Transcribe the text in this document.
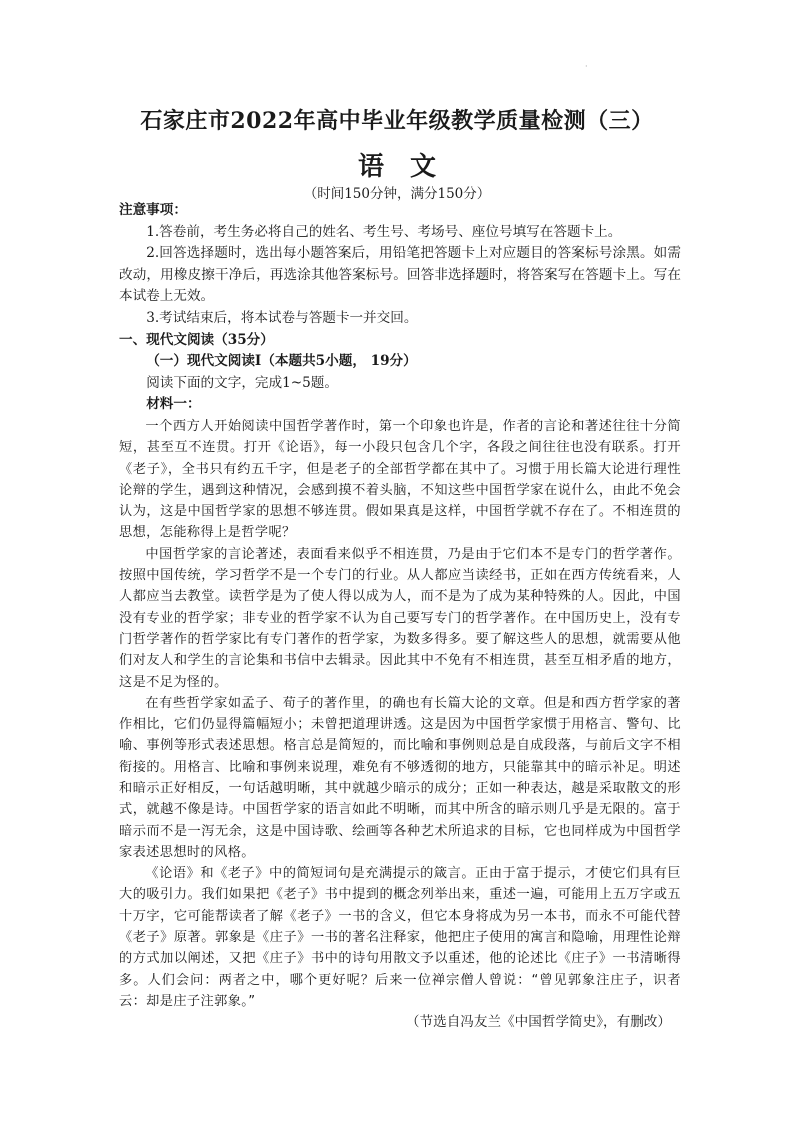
·
石家庄市2022年高中毕业年级教学质量检测（三）
语文
（时间150分钟，满分150分）

注意事项：

1.答卷前，考生务必将自己的姓名、考生号、考场号、座位号填写在答题卡上。

2.回答选择题时，选出每小题答案后，用铅笔把答题卡上对应题目的答案标号涂黑。如需改动，用橡皮擦干净后，再选涂其他答案标号。回答非选择题时，将答案写在答题卡上。写在本试卷上无效。

3.考试结束后，将本试卷与答题卡一并交回。

一、现代文阅读（35分）

（一）现代文阅读Ⅰ（本题共5小题， 19分）

阅读下面的文字，完成1~5题。

材料一：

一个西方人开始阅读中国哲学著作时，第一个印象也许是，作者的言论和著述往往十分简短，甚至互不连贯。打开《论语》，每一小段只包含几个字，各段之间往往也没有联系。打开《老子》，全书只有约五千字，但是老子的全部哲学都在其中了。习惯于用长篇大论进行理性论辩的学生，遇到这种情况，会感到摸不着头脑，不知这些中国哲学家在说什么，由此不免会认为，这是中国哲学家的思想不够连贯。假如果真是这样，中国哲学就不存在了。不相连贯的思想，怎能称得上是哲学呢？

中国哲学家的言论著述，表面看来似乎不相连贯，乃是由于它们本不是专门的哲学著作。按照中国传统，学习哲学不是一个专门的行业。从人都应当读经书，正如在西方传统看来，人人都应当去教堂。读哲学是为了使人得以成为人，而不是为了成为某种特殊的人。因此，中国没有专业的哲学家；非专业的哲学家不认为自己要写专门的哲学著作。在中国历史上，没有专门哲学著作的哲学家比有专门著作的哲学家，为数多得多。要了解这些人的思想，就需要从他们对友人和学生的言论集和书信中去辑录。因此其中不免有不相连贯，甚至互相矛盾的地方，这是不足为怪的。

在有些哲学家如孟子、荀子的著作里，的确也有长篇大论的文章。但是和西方哲学家的著作相比，它们仍显得篇幅短小；未曾把道理讲透。这是因为中国哲学家惯于用格言、警句、比喻、事例等形式表述思想。格言总是简短的，而比喻和事例则总是自成段落，与前后文字不相衔接的。用格言、比喻和事例来说理，难免有不够透彻的地方，只能靠其中的暗示补足。明述和暗示正好相反，一句话越明晰，其中就越少暗示的成分；正如一种表达，越是采取散文的形式，就越不像是诗。中国哲学家的语言如此不明晰，而其中所含的暗示则几乎是无限的。富于暗示而不是一泻无余，这是中国诗歌、绘画等各种艺术所追求的目标，它也同样成为中国哲学家表述思想时的风格。

《论语》和《老子》中的简短词句是充满提示的箴言。正由于富于提示，才使它们具有巨大的吸引力。我们如果把《老子》书中提到的概念列举出来，重述一遍，可能用上五万字或五十万字，它可能帮读者了解《老子》一书的含义，但它本身将成为另一本书，而永不可能代替《老子》原著。郭象是《庄子》一书的著名注释家，他把庄子使用的寓言和隐喻，用理性论辩的方式加以阐述，又把《庄子》书中的诗句用散文予以重述，他的论述比《庄子》一书清晰得多。人们会问：两者之中，哪个更好呢？后来一位禅宗僧人曾说：“曾见郭象注庄子，识者云：却是庄子注郭象。”

（节选自冯友兰《中国哲学简史》，有删改）
